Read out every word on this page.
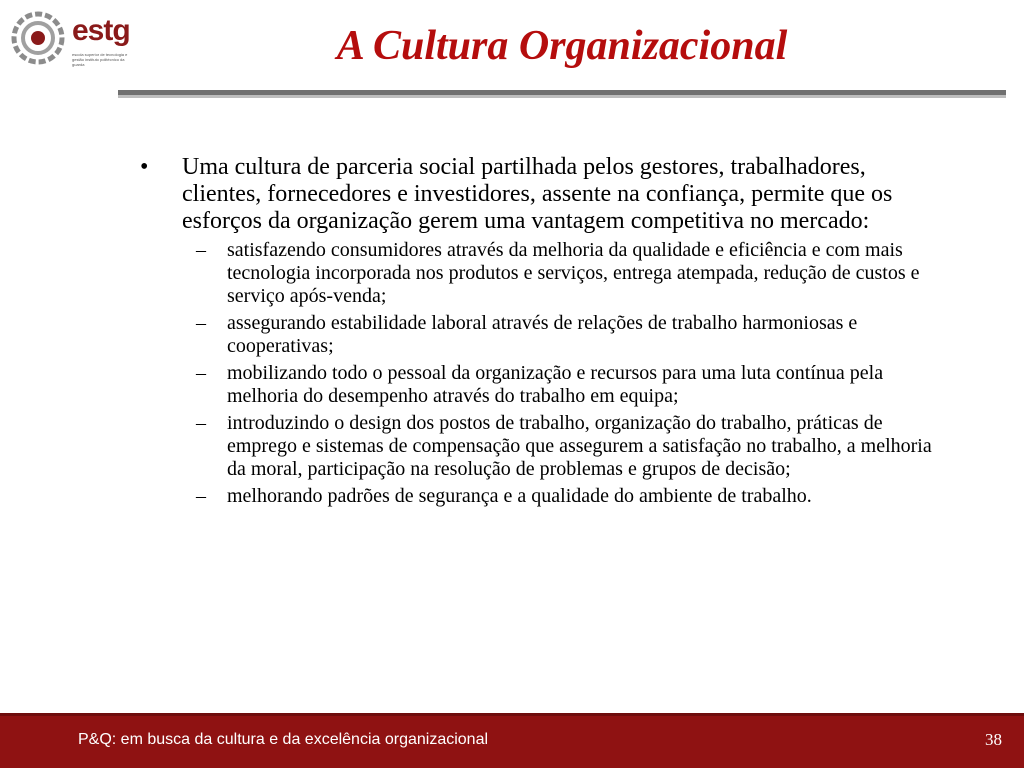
estg
escola superior de tecnologia e gestão instituto politécnico da guarda	A Cultura Organizacional
• Uma cultura de parceria social partilhada pelos gestores, trabalhadores, clientes, fornecedores e investidores, assente na confiança, permite que os esforços da organização gerem uma vantagem competitiva no mercado:
– satisfazendo consumidores através da melhoria da qualidade e eficiência e com mais tecnologia incorporada nos produtos e serviços, entrega atempada, redução de custos e serviço após-venda;
– assegurando estabilidade laboral através de relações de trabalho harmoniosas e cooperativas;
– mobilizando todo o pessoal da organização e recursos para uma luta contínua pela melhoria do desempenho através do trabalho em equipa;
– introduzindo o design dos postos de trabalho, organização do trabalho, práticas de emprego e sistemas de compensação que assegurem a satisfação no trabalho, a melhoria da moral, participação na resolução de problemas e grupos de decisão;
– melhorando padrões de segurança e a qualidade do ambiente de trabalho.
P&Q: em busca da cultura e da excelência organizacional	38
